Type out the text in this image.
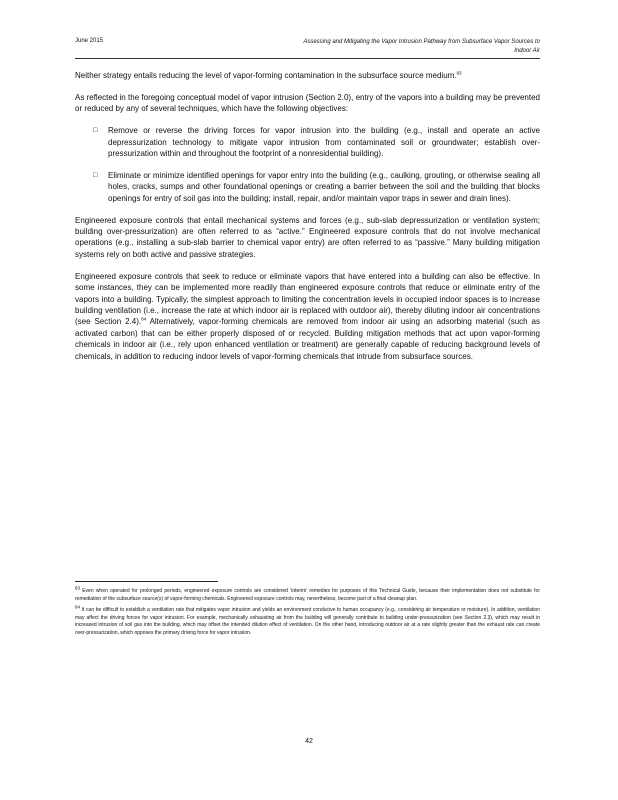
June 2015	Assessing and Mitigating the Vapor Intrusion Pathway from Subsurface Vapor Sources to Indoor Air

Neither strategy entails reducing the level of vapor-forming contamination in the subsurface source medium.$^{83}$

As reflected in the foregoing conceptual model of vapor intrusion (Section 2.0), entry of the vapors into a building may be prevented or reduced by any of several techniques, which have the following objectives:

□ Remove or reverse the driving forces for vapor intrusion into the building (e.g., install and operate an active depressurization technology to mitigate vapor intrusion from contaminated soil or groundwater; establish over-pressurization within and throughout the footprint of a nonresidential building).
□ Eliminate or minimize identified openings for vapor entry into the building (e.g., caulking, grouting, or otherwise sealing all holes, cracks, sumps and other foundational openings or creating a barrier between the soil and the building that blocks openings for entry of soil gas into the building; install, repair, and/or maintain vapor traps in sewer and drain lines).

Engineered exposure controls that entail mechanical systems and forces (e.g., sub-slab depressurization or ventilation system; building over-pressurization) are often referred to as “active.” Engineered exposure controls that do not involve mechanical operations (e.g., installing a sub-slab barrier to chemical vapor entry) are often referred to as “passive.” Many building mitigation systems rely on both active and passive strategies.

Engineered exposure controls that seek to reduce or eliminate vapors that have entered into a building can also be effective. In some instances, they can be implemented more readily than engineered exposure controls that reduce or eliminate entry of the vapors into a building. Typically, the simplest approach to limiting the concentration levels in occupied indoor spaces is to increase building ventilation (i.e., increase the rate at which indoor air is replaced with outdoor air), thereby diluting indoor air concentrations (see Section 2.4).$^{84}$ Alternatively, vapor-forming chemicals are removed from indoor air using an adsorbing material (such as activated carbon) that can be either properly disposed of or recycled. Building mitigation methods that act upon vapor-forming chemicals in indoor air (i.e., rely upon enhanced ventilation or treatment) are generally capable of reducing background levels of chemicals, in addition to reducing indoor levels of vapor-forming chemicals that intrude from subsurface sources.

$^{83}$ Even when operated for prolonged periods, engineered exposure controls are considered ‘interim’ remedies for purposes of this Technical Guide, because their implementation does not substitute for remediation of the subsurface source(s) of vapor-forming chemicals. Engineered exposure controls may, nevertheless, become part of a final cleanup plan.

$^{84}$ It can be difficult to establish a ventilation rate that mitigates vapor intrusion and yields an environment conducive to human occupancy (e.g., considering air temperature or moisture). In addition, ventilation may affect the driving forces for vapor intrusion. For example, mechanically exhausting air from the building will generally contribute to building under-pressurization (see Section 2.3), which may result in increased intrusion of soil gas into the building, which may offset the intended dilution effect of ventilation. On the other hand, introducing outdoor air at a rate slightly greater than the exhaust rate can create over-pressurization, which opposes the primary driving force for vapor intrusion.

42
